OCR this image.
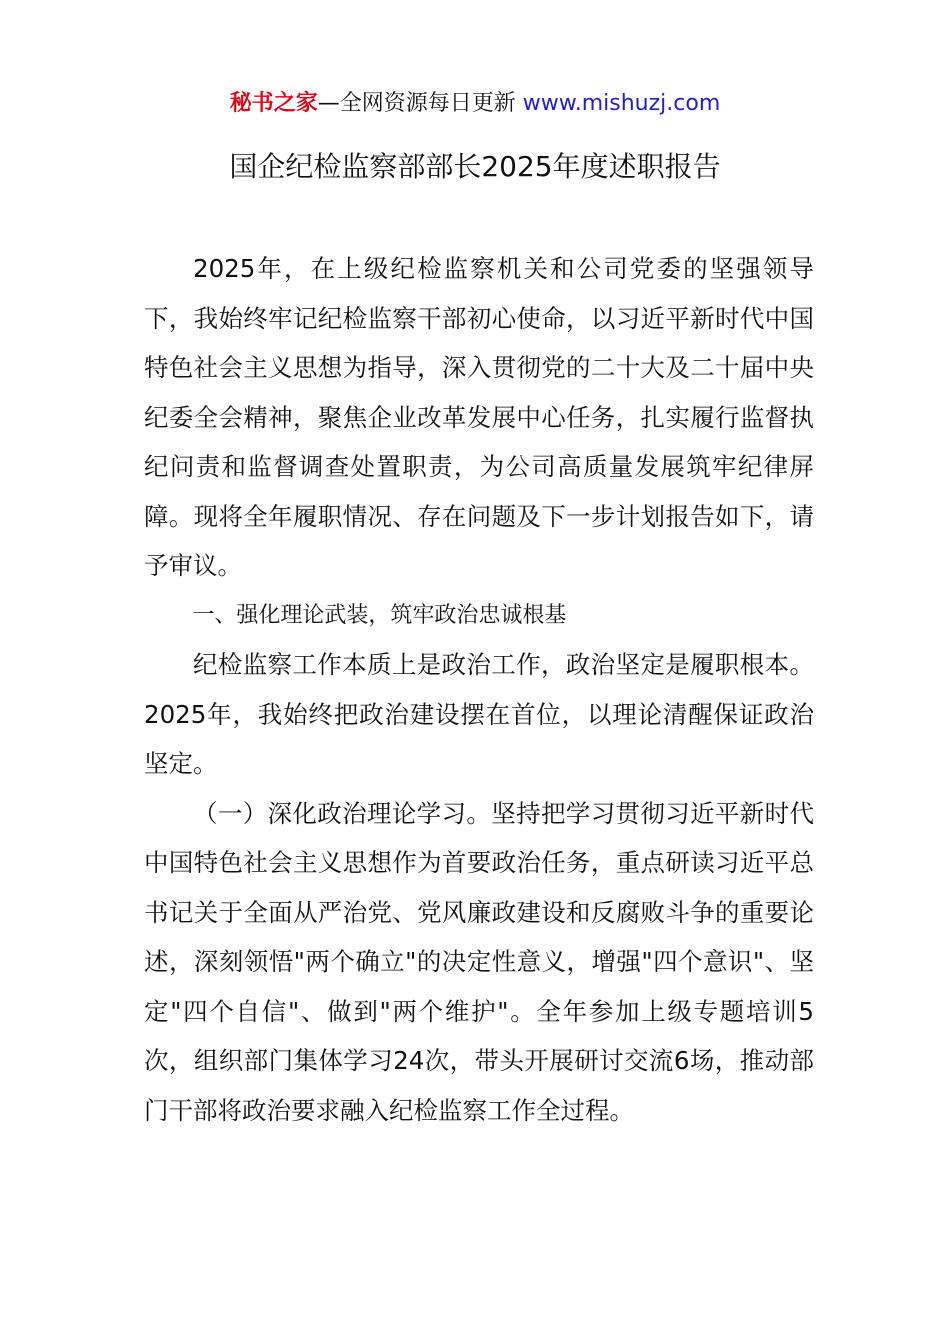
秘书之家—全网资源每日更新 www.mishuzj.com
国企纪检监察部部长2025年度述职报告

2025年，在上级纪检监察机关和公司党委的坚强领导下，我始终牢记纪检监察干部初心使命，以习近平新时代中国特色社会主义思想为指导，深入贯彻党的二十大及二十届中央纪委全会精神，聚焦企业改革发展中心任务，扎实履行监督执纪问责和监督调查处置职责，为公司高质量发展筑牢纪律屏障。现将全年履职情况、存在问题及下一步计划报告如下，请予审议。

一、强化理论武装，筑牢政治忠诚根基

纪检监察工作本质上是政治工作，政治坚定是履职根本。2025年，我始终把政治建设摆在首位，以理论清醒保证政治坚定。

（一）深化政治理论学习。坚持把学习贯彻习近平新时代中国特色社会主义思想作为首要政治任务，重点研读习近平总书记关于全面从严治党、党风廉政建设和反腐败斗争的重要论述，深刻领悟"两个确立"的决定性意义，增强"四个意识"、坚定"四个自信"、做到"两个维护"。全年参加上级专题培训5次，组织部门集体学习24次，带头开展研讨交流6场，推动部门干部将政治要求融入纪检监察工作全过程。
